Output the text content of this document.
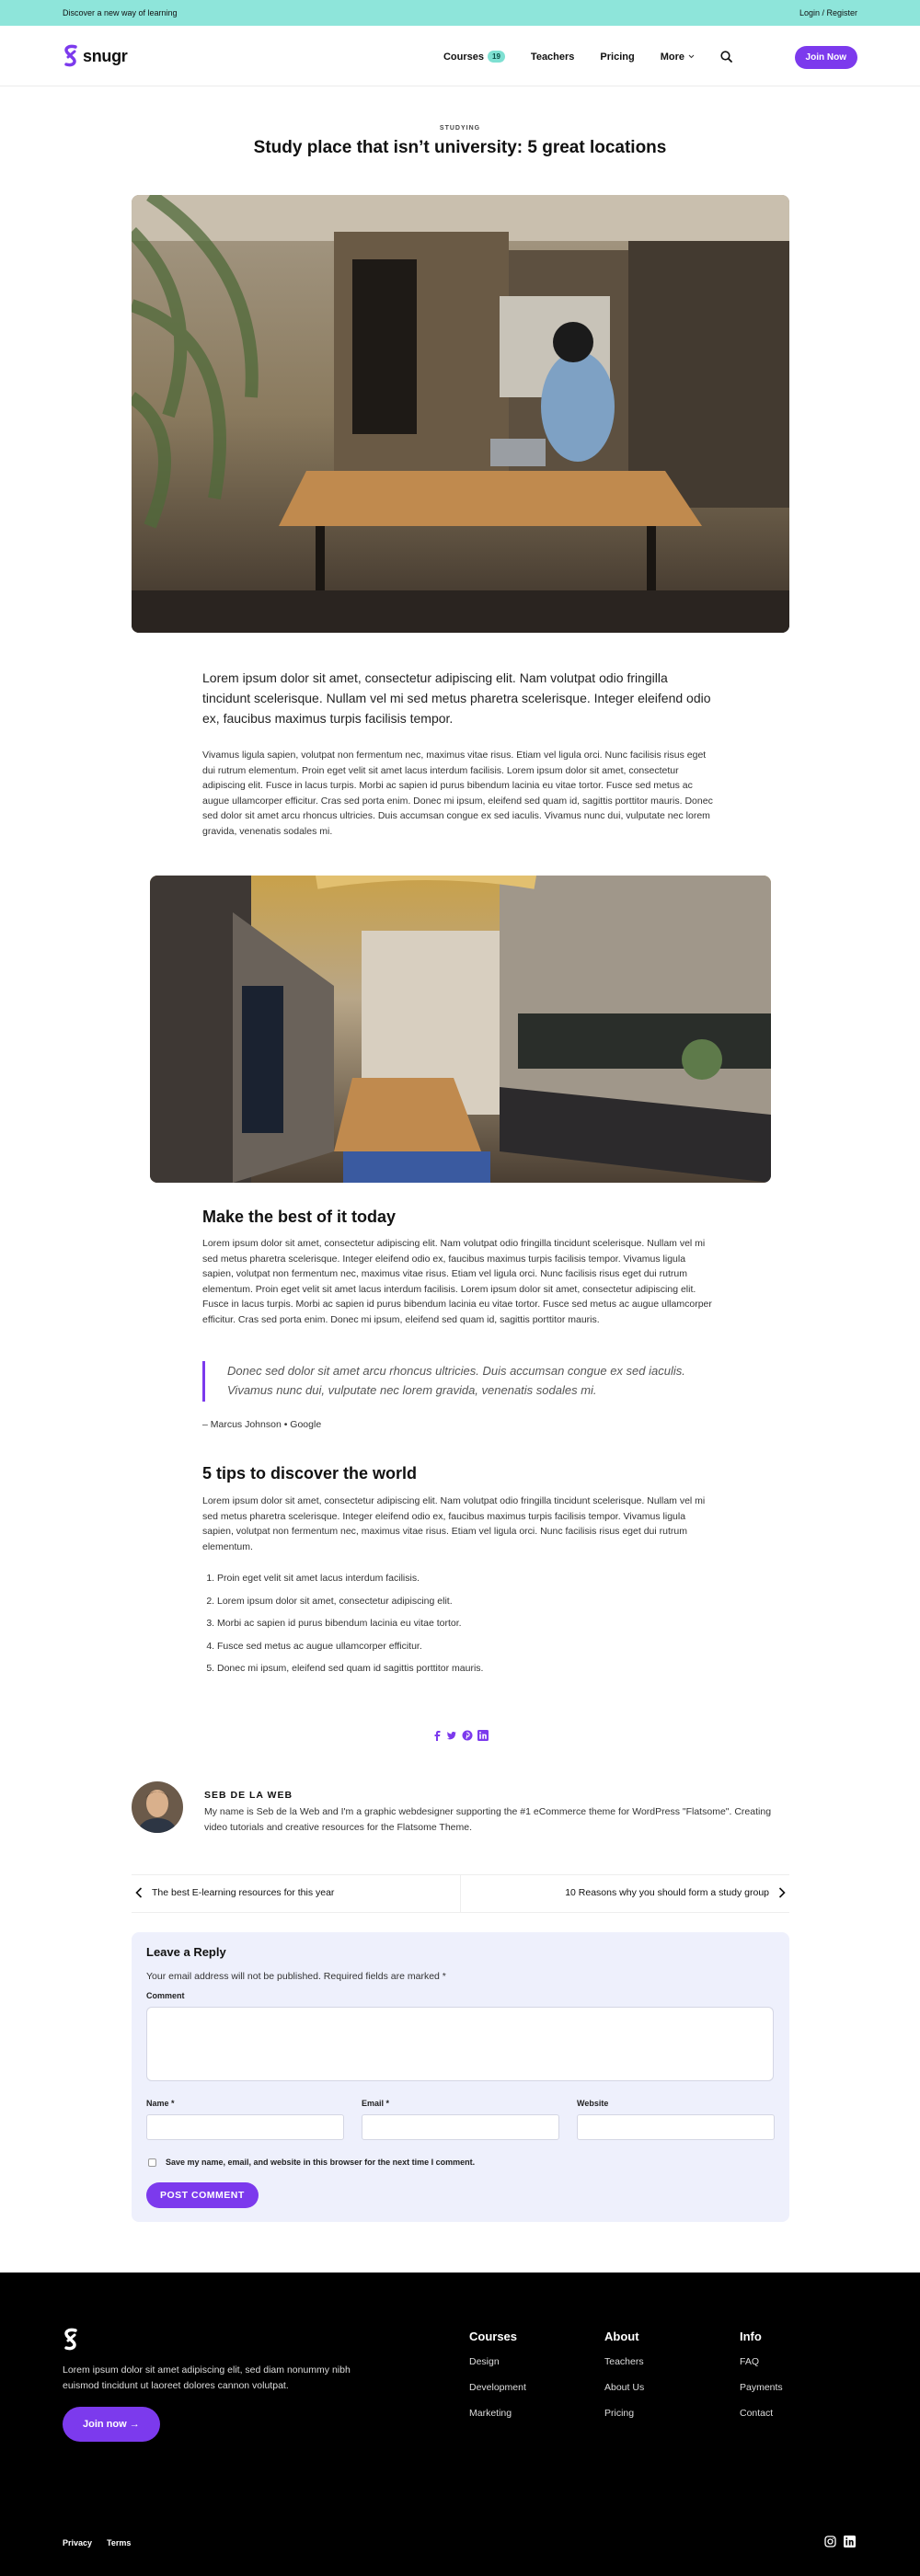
Discover a new way of learning	Login / Register
snugr	Courses	19	Teachers	Pricing	More	Join Now
STUDYING
Study place that isn’t university: 5 great locations

Lorem ipsum dolor sit amet, consectetur adipiscing elit. Nam volutpat odio fringilla tincidunt scelerisque. Nullam vel mi sed metus pharetra scelerisque. Integer eleifend odio ex, faucibus maximus turpis facilisis tempor.

Vivamus ligula sapien, volutpat non fermentum nec, maximus vitae risus. Etiam vel ligula orci. Nunc facilisis risus eget dui rutrum elementum. Proin eget velit sit amet lacus interdum facilisis. Lorem ipsum dolor sit amet, consectetur adipiscing elit. Fusce in lacus turpis. Morbi ac sapien id purus bibendum lacinia eu vitae tortor. Fusce sed metus ac augue ullamcorper efficitur. Cras sed porta enim. Donec mi ipsum, eleifend sed quam id, sagittis porttitor mauris. Donec sed dolor sit amet arcu rhoncus ultricies. Duis accumsan congue ex sed iaculis. Vivamus nunc dui, vulputate nec lorem gravida, venenatis sodales mi.

Make the best of it today

Lorem ipsum dolor sit amet, consectetur adipiscing elit. Nam volutpat odio fringilla tincidunt scelerisque. Nullam vel mi sed metus pharetra scelerisque. Integer eleifend odio ex, faucibus maximus turpis facilisis tempor. Vivamus ligula sapien, volutpat non fermentum nec, maximus vitae risus. Etiam vel ligula orci. Nunc facilisis risus eget dui rutrum elementum. Proin eget velit sit amet lacus interdum facilisis. Lorem ipsum dolor sit amet, consectetur adipiscing elit. Fusce in lacus turpis. Morbi ac sapien id purus bibendum lacinia eu vitae tortor. Fusce sed metus ac augue ullamcorper efficitur. Cras sed porta enim. Donec mi ipsum, eleifend sed quam id, sagittis porttitor mauris.

Donec sed dolor sit amet arcu rhoncus ultricies. Duis accumsan congue ex sed iaculis. Vivamus nunc dui, vulputate nec lorem gravida, venenatis sodales mi.

– Marcus Johnson • Google

5 tips to discover the world

Lorem ipsum dolor sit amet, consectetur adipiscing elit. Nam volutpat odio fringilla tincidunt scelerisque. Nullam vel mi sed metus pharetra scelerisque. Integer eleifend odio ex, faucibus maximus turpis facilisis tempor. Vivamus ligula sapien, volutpat non fermentum nec, maximus vitae risus. Etiam vel ligula orci. Nunc facilisis risus eget dui rutrum elementum.

1. Proin eget velit sit amet lacus interdum facilisis.
2. Lorem ipsum dolor sit amet, consectetur adipiscing elit.
3. Morbi ac sapien id purus bibendum lacinia eu vitae tortor.
4. Fusce sed metus ac augue ullamcorper efficitur.
5. Donec mi ipsum, eleifend sed quam id sagittis porttitor mauris.
SEB DE LA WEB

My name is Seb de la Web and I'm a graphic webdesigner supporting the #1 eCommerce theme for WordPress "Flatsome". Creating video tutorials and creative resources for the Flatsome Theme.

The best E-learning resources for this year	10 Reasons why you should form a study group
Leave a Reply

Your email address will not be published. Required fields are marked *

Comment
Name *	Email *	Website
Save my name, email, and website in this browser for the next time I comment.
POST COMMENT

Lorem ipsum dolor sit amet adipiscing elit, sed diam nonummy nibh euismod tincidunt ut laoreet dolores cannon volutpat.

Join now →
Courses
Design
Development
Marketing
About
Teachers
About Us
Pricing
Info
FAQ
Payments
Contact
Privacy Terms
